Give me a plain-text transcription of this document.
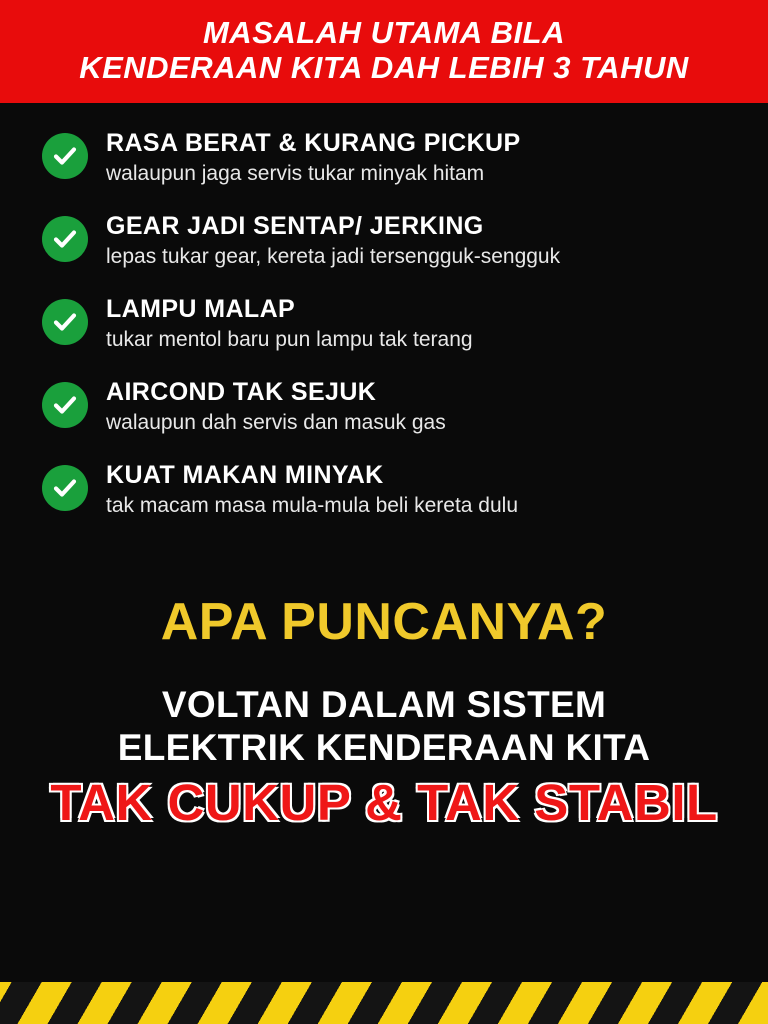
MASALAH UTAMA BILA
KENDERAAN KITA DAH LEBIH 3 TAHUN

RASA BERAT & KURANG PICKUP

walaupun jaga servis tukar minyak hitam

GEAR JADI SENTAP/ JERKING

lepas tukar gear, kereta jadi tersengguk-sengguk

LAMPU MALAP

tukar mentol baru pun lampu tak terang

AIRCOND TAK SEJUK

walaupun dah servis dan masuk gas

KUAT MAKAN MINYAK

tak macam masa mula-mula beli kereta dulu

APA PUNCANYA?

VOLTAN DALAM SISTEM

ELEKTRIK KENDERAAN KITA

TAK CUKUP & TAK STABIL
